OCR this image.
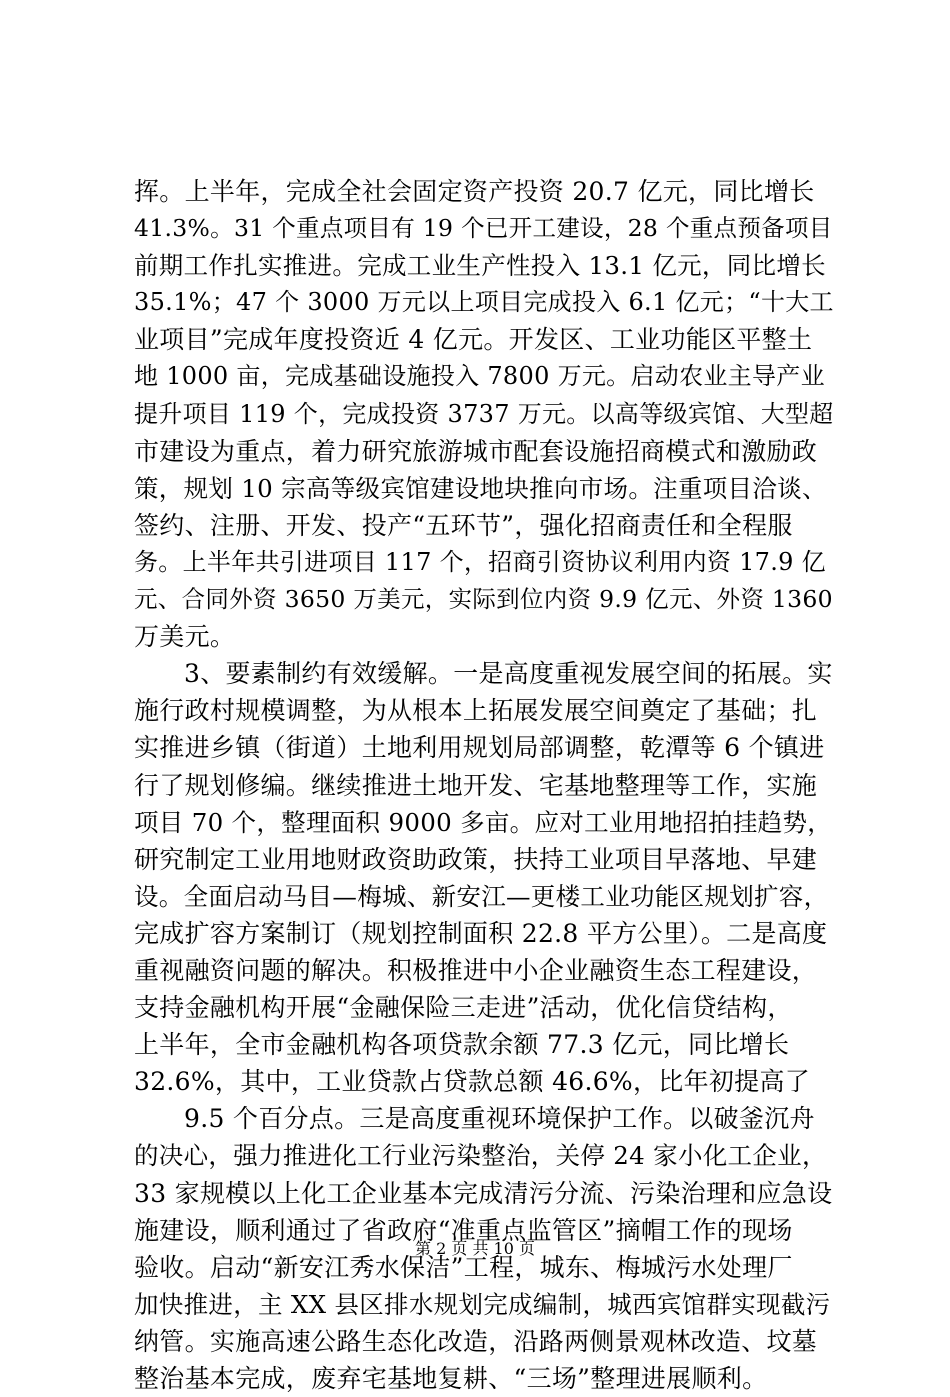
挥。上半年，完成全社会固定资产投资 20.7 亿元，同比增长
41.3%。31 个重点项目有 19 个已开工建设，28 个重点预备项目
前期工作扎实推进。完成工业生产性投入 13.1 亿元，同比增长
35.1%；47 个 3000 万元以上项目完成投入 6.1 亿元；“十大工
业项目”完成年度投资近 4 亿元。开发区、工业功能区平整土
地 1000 亩，完成基础设施投入 7800 万元。启动农业主导产业
提升项目 119 个，完成投资 3737 万元。以高等级宾馆、大型超
市建设为重点，着力研究旅游城市配套设施招商模式和激励政
策，规划 10 宗高等级宾馆建设地块推向市场。注重项目洽谈、
签约、注册、开发、投产“五环节”，强化招商责任和全程服
务。上半年共引进项目 117 个，招商引资协议利用内资 17.9 亿
元、合同外资 3650 万美元，实际到位内资 9.9 亿元、外资 1360
万美元。
3、要素制约有效缓解。一是高度重视发展空间的拓展。实
施行政村规模调整，为从根本上拓展发展空间奠定了基础；扎
实推进乡镇（街道）土地利用规划局部调整，乾潭等 6 个镇进
行了规划修编。继续推进土地开发、宅基地整理等工作，实施
项目 70 个，整理面积 9000 多亩。应对工业用地招拍挂趋势，
研究制定工业用地财政资助政策，扶持工业项目早落地、早建
设。全面启动马目—梅城、新安江—更楼工业功能区规划扩容，
完成扩容方案制订（规划控制面积 22.8 平方公里）。二是高度
重视融资问题的解决。积极推进中小企业融资生态工程建设，
支持金融机构开展“金融保险三走进”活动，优化信贷结构，
上半年，全市金融机构各项贷款余额 77.3 亿元，同比增长
32.6%，其中，工业贷款占贷款总额 46.6%，比年初提高了
9.5 个百分点。三是高度重视环境保护工作。以破釜沉舟
的决心，强力推进化工行业污染整治，关停 24 家小化工企业，
33 家规模以上化工企业基本完成清污分流、污染治理和应急设
施建设，顺利通过了省政府“准重点监管区”摘帽工作的现场
验收。启动“新安江秀水保洁”工程，城东、梅城污水处理厂
加快推进，主 XX 县区排水规划完成编制，城西宾馆群实现截污
纳管。实施高速公路生态化改造，沿路两侧景观林改造、坟墓
整治基本完成，废弃宅基地复耕、“三场”整理进展顺利。
第 2 页 共 10 页
